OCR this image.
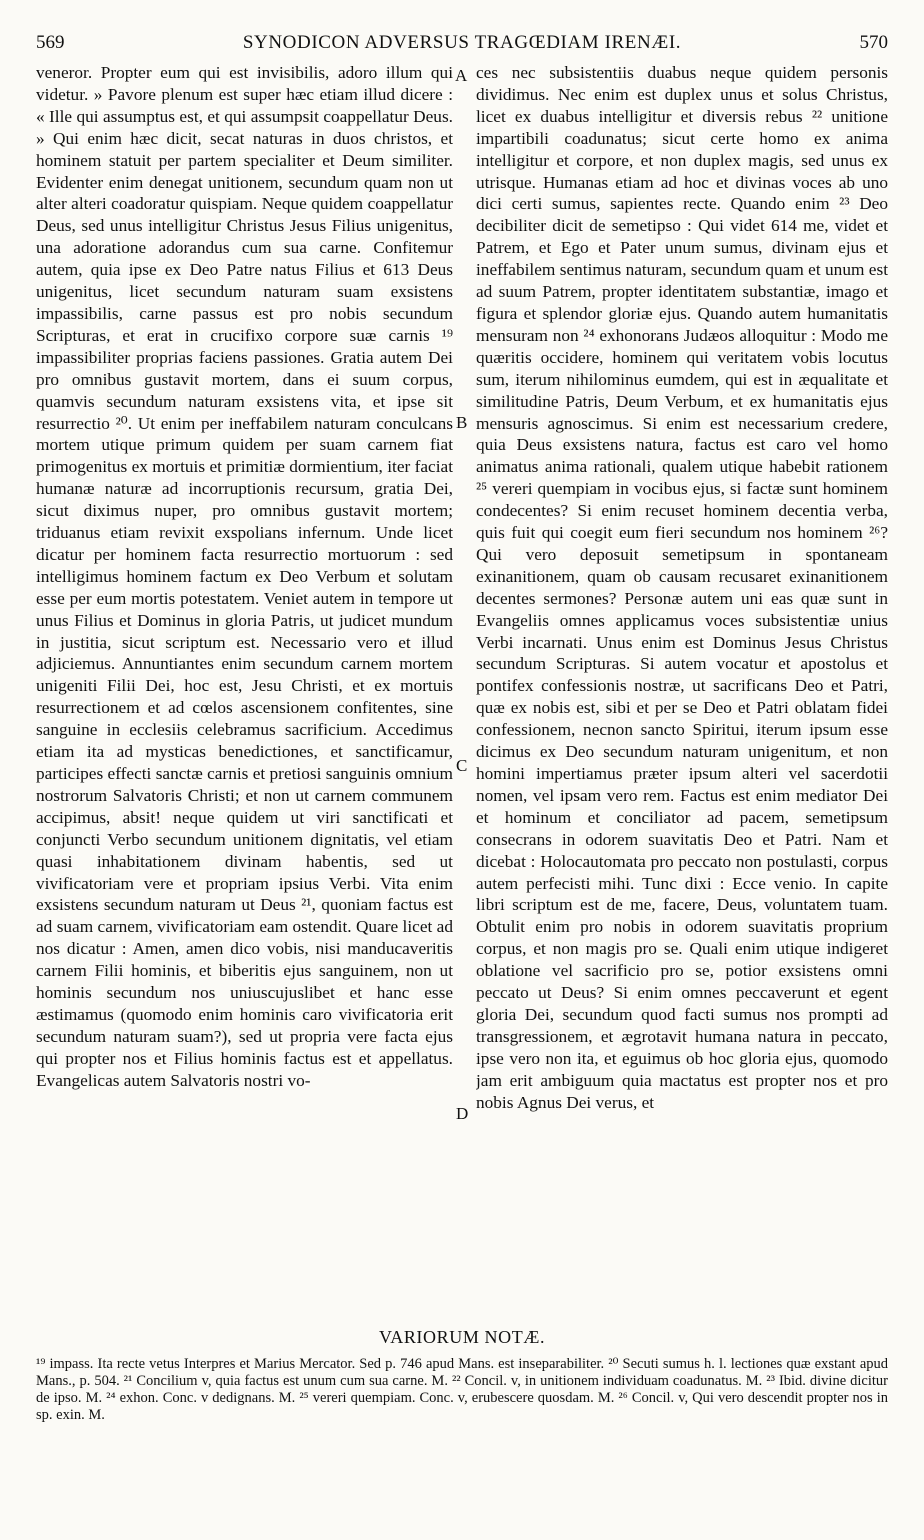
569	SYNODICON ADVERSUS TRAGŒDIAM IRENÆI.	570
veneror. Propter eum qui est invisibilis, adoro illum qui videtur. » Pavore plenum est super hæc etiam illud dicere : « Ille qui assumptus est, et qui assumpsit coappellatur Deus. » Qui enim hæc dicit, secat naturas in duos christos, et hominem statuit per partem specialiter et Deum similiter. Evidenter enim denegat unitionem, secundum quam non ut alter alteri coadoratur quispiam. Neque quidem coappellatur Deus, sed unus intelligitur Christus Jesus Filius unigenitus, una adoratione adorandus cum sua carne. Confitemur autem, quia ipse ex Deo Patre natus Filius et 613 Deus unigenitus, licet secundum naturam suam exsistens impassibilis, carne passus est pro nobis secundum Scripturas, et erat in crucifixo corpore suæ carnis ¹⁹ impassibiliter proprias faciens passiones. Gratia autem Dei pro omnibus gustavit mortem, dans ei suum corpus, quamvis secundum naturam exsistens vita, et ipse sit resurrectio ²⁰. Ut enim per ineffabilem naturam conculcans mortem utique primum quidem per suam carnem fiat primogenitus ex mortuis et primitiæ dormientium, iter faciat humanæ naturæ ad incorruptionis recursum, gratia Dei, sicut diximus nuper, pro omnibus gustavit mortem; triduanus etiam revixit exspolians infernum. Unde licet dicatur per hominem facta resurrectio mortuorum : sed intelligimus hominem factum ex Deo Verbum et solutam esse per eum mortis potestatem. Veniet autem in tempore ut unus Filius et Dominus in gloria Patris, ut judicet mundum in justitia, sicut scriptum est. Necessario vero et illud adjiciemus. Annuntiantes enim secundum carnem mortem unigeniti Filii Dei, hoc est, Jesu Christi, et ex mortuis resurrectionem et ad cœlos ascensionem confitentes, sine sanguine in ecclesiis celebramus sacrificium. Accedimus etiam ita ad mysticas benedictiones, et sanctificamur, participes effecti sanctæ carnis et pretiosi sanguinis omnium nostrorum Salvatoris Christi; et non ut carnem communem accipimus, absit! neque quidem ut viri sanctificati et conjuncti Verbo secundum unitionem dignitatis, vel etiam quasi inhabitationem divinam habentis, sed ut vivificatoriam vere et propriam ipsius Verbi. Vita enim exsistens secundum naturam ut Deus ²¹, quoniam factus est ad suam carnem, vivificatoriam eam ostendit. Quare licet ad nos dicatur : Amen, amen dico vobis, nisi manducaveritis carnem Filii hominis, et biberitis ejus sanguinem, non ut hominis secundum nos uniuscujuslibet et hanc esse æstimamus (quomodo enim hominis caro vivificatoria erit secundum naturam suam?), sed ut propria vere facta ejus qui propter nos et Filius hominis factus est et appellatus. Evangelicas autem Salvatoris nostri vo-
ces nec subsistentiis duabus neque quidem personis dividimus. Nec enim est duplex unus et solus Christus, licet ex duabus intelligitur et diversis rebus ²² unitione impartibili coadunatus; sicut certe homo ex anima intelligitur et corpore, et non duplex magis, sed unus ex utrisque. Humanas etiam ad hoc et divinas voces ab uno dici certi sumus, sapientes recte. Quando enim ²³ Deo decibiliter dicit de semetipso : Qui videt 614 me, videt et Patrem, et Ego et Pater unum sumus, divinam ejus et ineffabilem sentimus naturam, secundum quam et unum est ad suum Patrem, propter identitatem substantiæ, imago et figura et splendor gloriæ ejus. Quando autem humanitatis mensuram non ²⁴ exhonorans Judæos alloquitur : Modo me quæritis occidere, hominem qui veritatem vobis locutus sum, iterum nihilominus eumdem, qui est in æqualitate et similitudine Patris, Deum Verbum, et ex humanitatis ejus mensuris agnoscimus. Si enim est necessarium credere, quia Deus exsistens natura, factus est caro vel homo animatus anima rationali, qualem utique habebit rationem ²⁵ vereri quempiam in vocibus ejus, si factæ sunt hominem condecentes? Si enim recuset hominem decentia verba, quis fuit qui coegit eum fieri secundum nos hominem ²⁶? Qui vero deposuit semetipsum in spontaneam exinanitionem, quam ob causam recusaret exinanitionem decentes sermones? Personæ autem uni eas quæ sunt in Evangeliis omnes applicamus voces subsistentiæ unius Verbi incarnati. Unus enim est Dominus Jesus Christus secundum Scripturas. Si autem vocatur et apostolus et pontifex confessionis nostræ, ut sacrificans Deo et Patri, quæ ex nobis est, sibi et per se Deo et Patri oblatam fidei confessionem, necnon sancto Spiritui, iterum ipsum esse dicimus ex Deo secundum naturam unigenitum, et non homini impertiamus præter ipsum alteri vel sacerdotii nomen, vel ipsam vero rem. Factus est enim mediator Dei et hominum et conciliator ad pacem, semetipsum consecrans in odorem suavitatis Deo et Patri. Nam et dicebat : Holocautomata pro peccato non postulasti, corpus autem perfecisti mihi. Tunc dixi : Ecce venio. In capite libri scriptum est de me, facere, Deus, voluntatem tuam. Obtulit enim pro nobis in odorem suavitatis proprium corpus, et non magis pro se. Quali enim utique indigeret oblatione vel sacrificio pro se, potior exsistens omni peccato ut Deus? Si enim omnes peccaverunt et egent gloria Dei, secundum quod facti sumus nos prompti ad transgressionem, et ægrotavit humana natura in peccato, ipse vero non ita, et eguimus ob hoc gloria ejus, quomodo jam erit ambiguum quia mactatus est propter nos et pro nobis Agnus Dei verus, et
A
B
C
D
VARIORUM NOTÆ.
¹⁹ impass. Ita recte vetus Interpres et Marius Mercator. Sed p. 746 apud Mans. est inseparabiliter. ²⁰ Secuti sumus h. l. lectiones quæ exstant apud Mans., p. 504. ²¹ Concilium v, quia factus est unum cum sua carne. M. ²² Concil. v, in unitionem individuam coadunatus. M. ²³ Ibid. divine dicitur de ipso. M. ²⁴ exhon. Conc. v dedignans. M. ²⁵ vereri quempiam. Conc. v, erubescere quosdam. M. ²⁶ Concil. v, Qui vero descendit propter nos in sp. exin. M.
